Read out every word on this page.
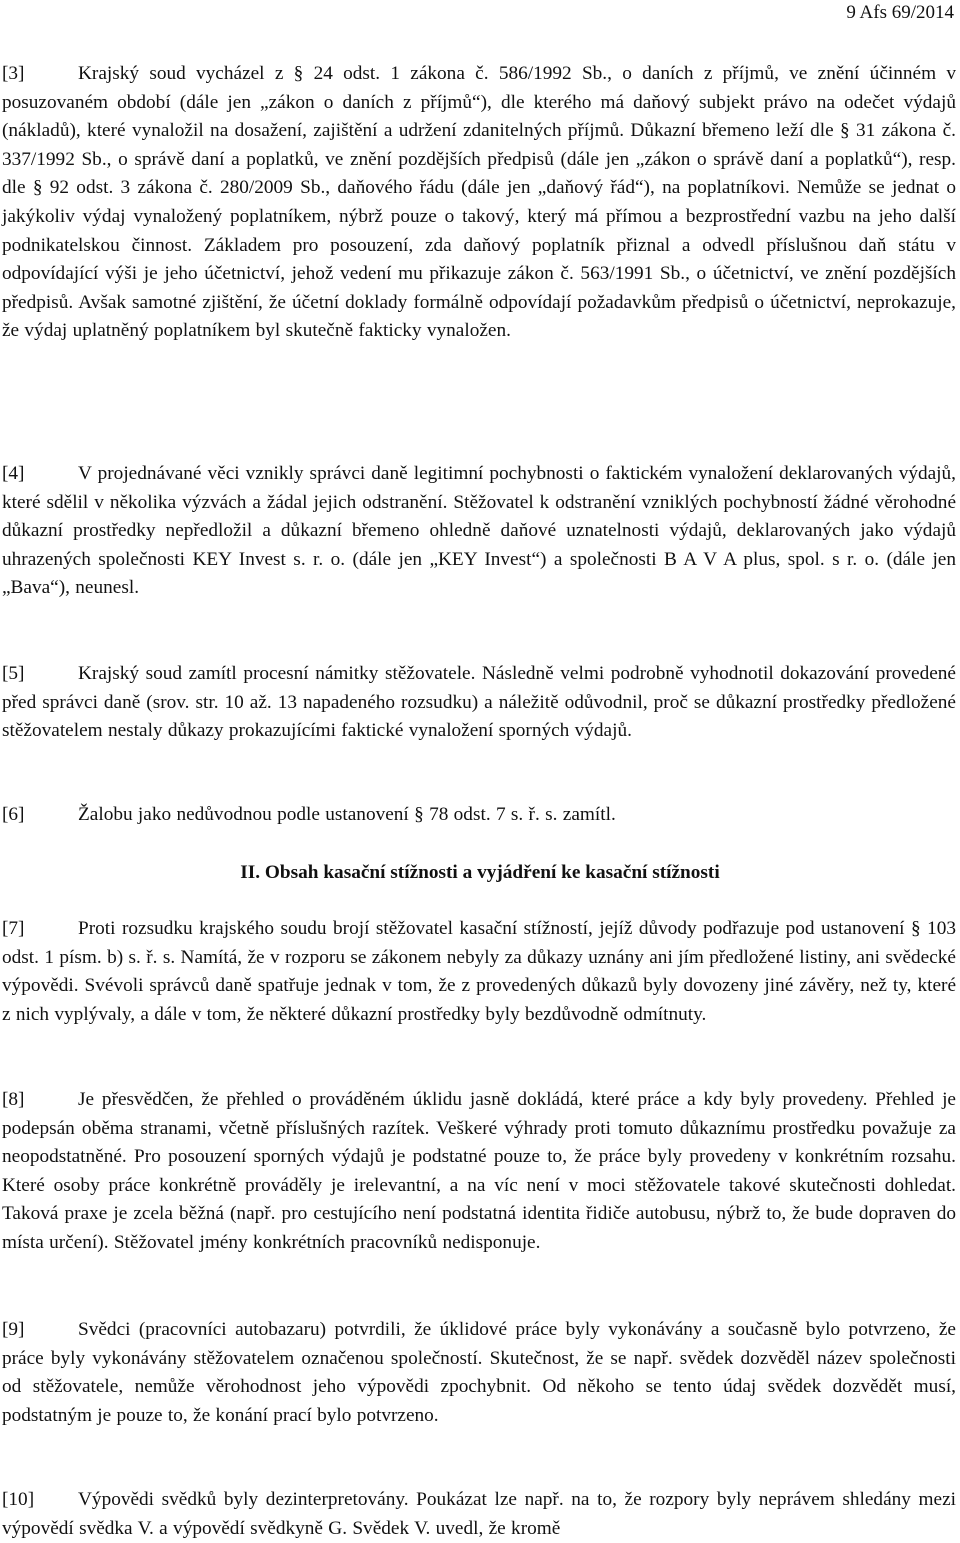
9 Afs 69/2014

[3]	Krajský soud vycházel z § 24 odst. 1 zákona č. 586/1992 Sb., o daních z příjmů, ve znění účinném v posuzovaném období (dále jen „zákon o daních z příjmů“), dle kterého má daňový subjekt právo na odečet výdajů (nákladů), které vynaložil na dosažení, zajištění a udržení zdanitelných příjmů. Důkazní břemeno leží dle § 31 zákona č. 337/1992 Sb., o správě daní a poplatků, ve znění pozdějších předpisů (dále jen „zákon o správě daní a poplatků“), resp. dle § 92 odst. 3 zákona č. 280/2009 Sb., daňového řádu (dále jen „daňový řád“), na poplatníkovi. Nemůže se jednat o jakýkoliv výdaj vynaložený poplatníkem, nýbrž pouze o takový, který má přímou a bezprostřední vazbu na jeho další podnikatelskou činnost. Základem pro posouzení, zda daňový poplatník přiznal a odvedl příslušnou daň státu v odpovídající výši je jeho účetnictví, jehož vedení mu přikazuje zákon č. 563/1991 Sb., o účetnictví, ve znění pozdějších předpisů. Avšak samotné zjištění, že účetní doklady formálně odpovídají požadavkům předpisů o účetnictví, neprokazuje, že výdaj uplatněný poplatníkem byl skutečně fakticky vynaložen.

[4]	V projednávané věci vznikly správci daně legitimní pochybnosti o faktickém vynaložení deklarovaných výdajů, které sdělil v několika výzvách a žádal jejich odstranění. Stěžovatel k odstranění vzniklých pochybností žádné věrohodné důkazní prostředky nepředložil a důkazní břemeno ohledně daňové uznatelnosti výdajů, deklarovaných jako výdajů uhrazených společnosti KEY Invest s. r. o. (dále jen „KEY Invest“) a společnosti B A V A plus, spol. s r. o. (dále jen „Bava“), neunesl.

[5]	Krajský soud zamítl procesní námitky stěžovatele. Následně velmi podrobně vyhodnotil dokazování provedené před správci daně (srov. str. 10 až. 13 napadeného rozsudku) a náležitě odůvodnil, proč se důkazní prostředky předložené stěžovatelem nestaly důkazy prokazujícími faktické vynaložení sporných výdajů.

[6]	Žalobu jako nedůvodnou podle ustanovení § 78 odst. 7 s. ř. s. zamítl.

II. Obsah kasační stížnosti a vyjádření ke kasační stížnosti

[7]	Proti rozsudku krajského soudu brojí stěžovatel kasační stížností, jejíž důvody podřazuje pod ustanovení § 103 odst. 1 písm. b) s. ř. s. Namítá, že v rozporu se zákonem nebyly za důkazy uznány ani jím předložené listiny, ani svědecké výpovědi. Svévoli správců daně spatřuje jednak v tom, že z provedených důkazů byly dovozeny jiné závěry, než ty, které z nich vyplývaly, a dále v tom, že některé důkazní prostředky byly bezdůvodně odmítnuty.

[8]	Je přesvědčen, že přehled o prováděném úklidu jasně dokládá, které práce a kdy byly provedeny. Přehled je podepsán oběma stranami, včetně příslušných razítek. Veškeré výhrady proti tomuto důkaznímu prostředku považuje za neopodstatněné. Pro posouzení sporných výdajů je podstatné pouze to, že práce byly provedeny v konkrétním rozsahu. Které osoby práce konkrétně prováděly je irelevantní, a na víc není v moci stěžovatele takové skutečnosti dohledat. Taková praxe je zcela běžná (např. pro cestujícího není podstatná identita řidiče autobusu, nýbrž to, že bude dopraven do místa určení). Stěžovatel jmény konkrétních pracovníků nedisponuje.

[9]	Svědci (pracovníci autobazaru) potvrdili, že úklidové práce byly vykonávány a současně bylo potvrzeno, že práce byly vykonávány stěžovatelem označenou společností. Skutečnost, že se např. svědek dozvěděl název společnosti od stěžovatele, nemůže věrohodnost jeho výpovědi zpochybnit. Od někoho se tento údaj svědek dozvědět musí, podstatným je pouze to, že konání prací bylo potvrzeno.

[10] Výpovědi svědků byly dezinterpretovány. Poukázat lze např. na to, že rozpory byly neprávem shledány mezi výpovědí svědka V. a výpovědí svědkyně G. Svědek V. uvedl, že kromě
